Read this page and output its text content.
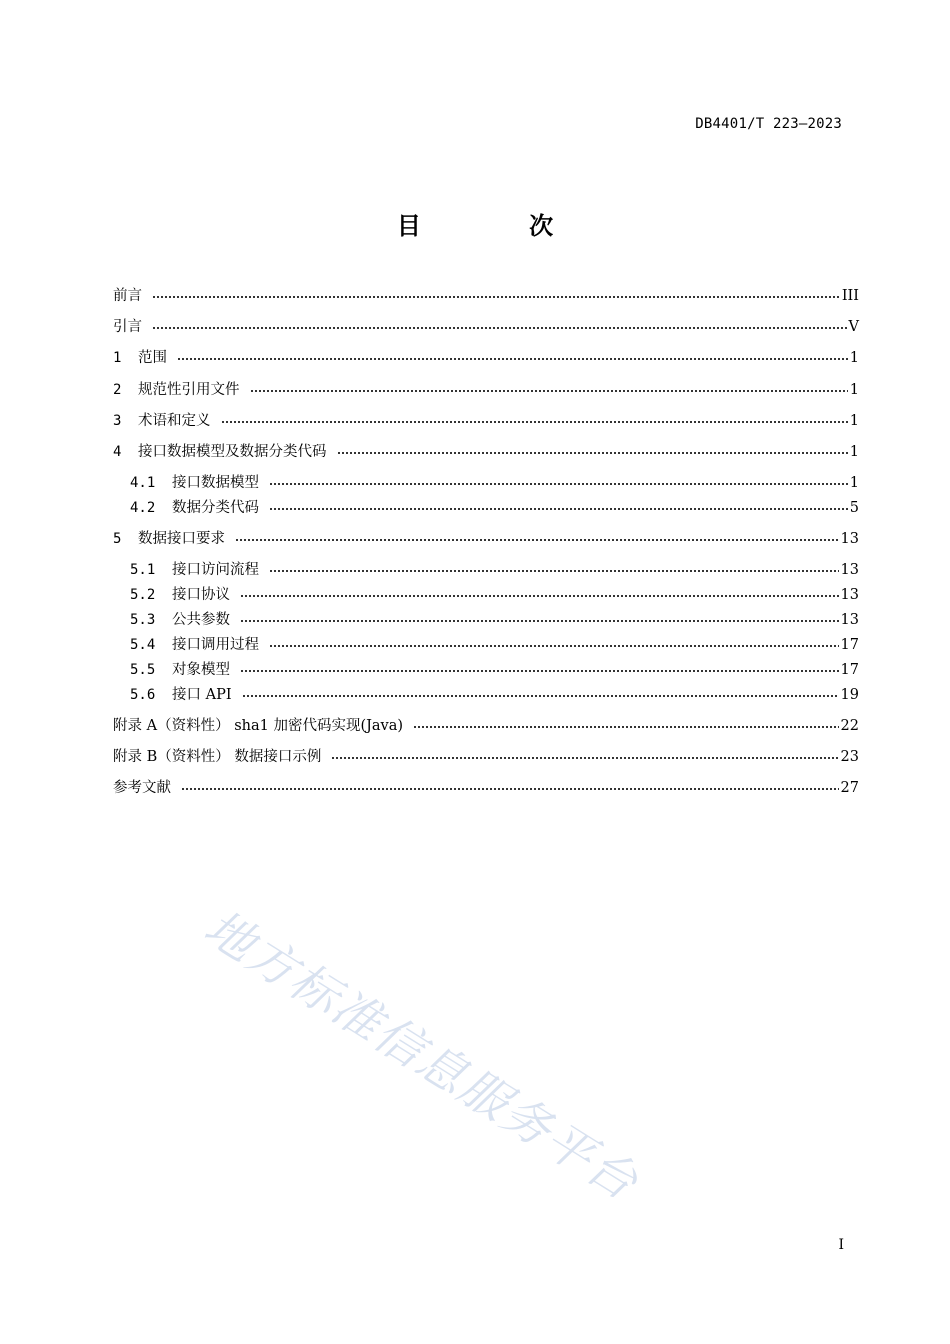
DB4401/T 223—2023
目 次
前言	III
引言	V
1	范围	1
2	规范性引用文件	1
3	术语和定义	1
4	接口数据模型及数据分类代码	1
4.1	接口数据模型	1
4.2	数据分类代码	5
5	数据接口要求	13
5.1	接口访问流程	13
5.2	接口协议	13
5.3	公共参数	13
5.4	接口调用过程	17
5.5	对象模型	17
5.6	接口 API	19
附录 A（资料性） sha1 加密代码实现(Java)	22
附录 B（资料性） 数据接口示例	23
参考文献	27
地方标准信息服务平台
I
